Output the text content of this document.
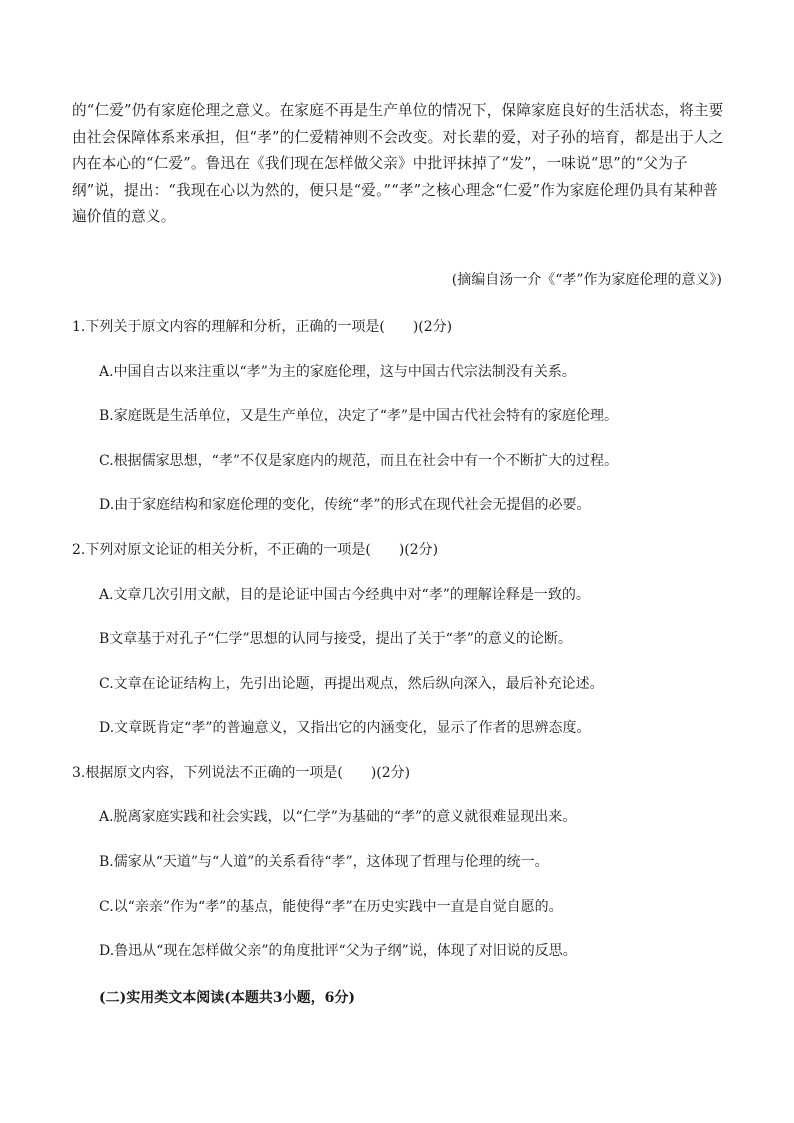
的“仁爱”仍有家庭伦理之意义。在家庭不再是生产单位的情况下，保障家庭良好的生活状态，将主要由社会保障体系来承担，但“孝”的仁爱精神则不会改变。对长辈的爱，对子孙的培育，都是出于人之内在本心的“仁爱”。鲁迅在《我们现在怎样做父亲》中批评抹掉了“发”，一味说“思”的“父为子纲”说，提出：“我现在心以为然的，便只是“爱。”“孝”之核心理念“仁爱”作为家庭伦理仍具有某种普遍价值的意义。

(摘编自汤一介《“孝”作为家庭伦理的意义》)

1.下列关于原文内容的理解和分析，正确的一项是(　　)(2分)

A.中国自古以来注重以“孝”为主的家庭伦理，这与中国古代宗法制没有关系。

B.家庭既是生活单位，又是生产单位，决定了“孝”是中国古代社会特有的家庭伦理。

C.根据儒家思想，“孝”不仅是家庭内的规范，而且在社会中有一个不断扩大的过程。

D.由于家庭结构和家庭伦理的变化，传统“孝”的形式在现代社会无提倡的必要。

2.下列对原文论证的相关分析，不正确的一项是(　　)(2分)

A.文章几次引用文献，目的是论证中国古今经典中对“孝”的理解诠释是一致的。

B文章基于对孔子“仁学”思想的认同与接受，提出了关于“孝”的意义的论断。

C.文章在论证结构上，先引出论题，再提出观点，然后纵向深入，最后补充论述。

D.文章既肯定“孝”的普遍意义，又指出它的内涵变化，显示了作者的思辨态度。

3.根据原文内容，下列说法不正确的一项是(　　)(2分)

A.脱离家庭实践和社会实践，以“仁学”为基础的“孝”的意义就很难显现出来。

B.儒家从“天道”与“人道”的关系看待“孝”，这体现了哲理与伦理的统一。

C.以“亲亲”作为“孝”的基点，能使得“孝”在历史实践中一直是自觉自愿的。

D.鲁迅从“现在怎样做父亲”的角度批评“父为子纲”说，体现了对旧说的反思。

(二)实用类文本阅读(本题共3小题，6分)
